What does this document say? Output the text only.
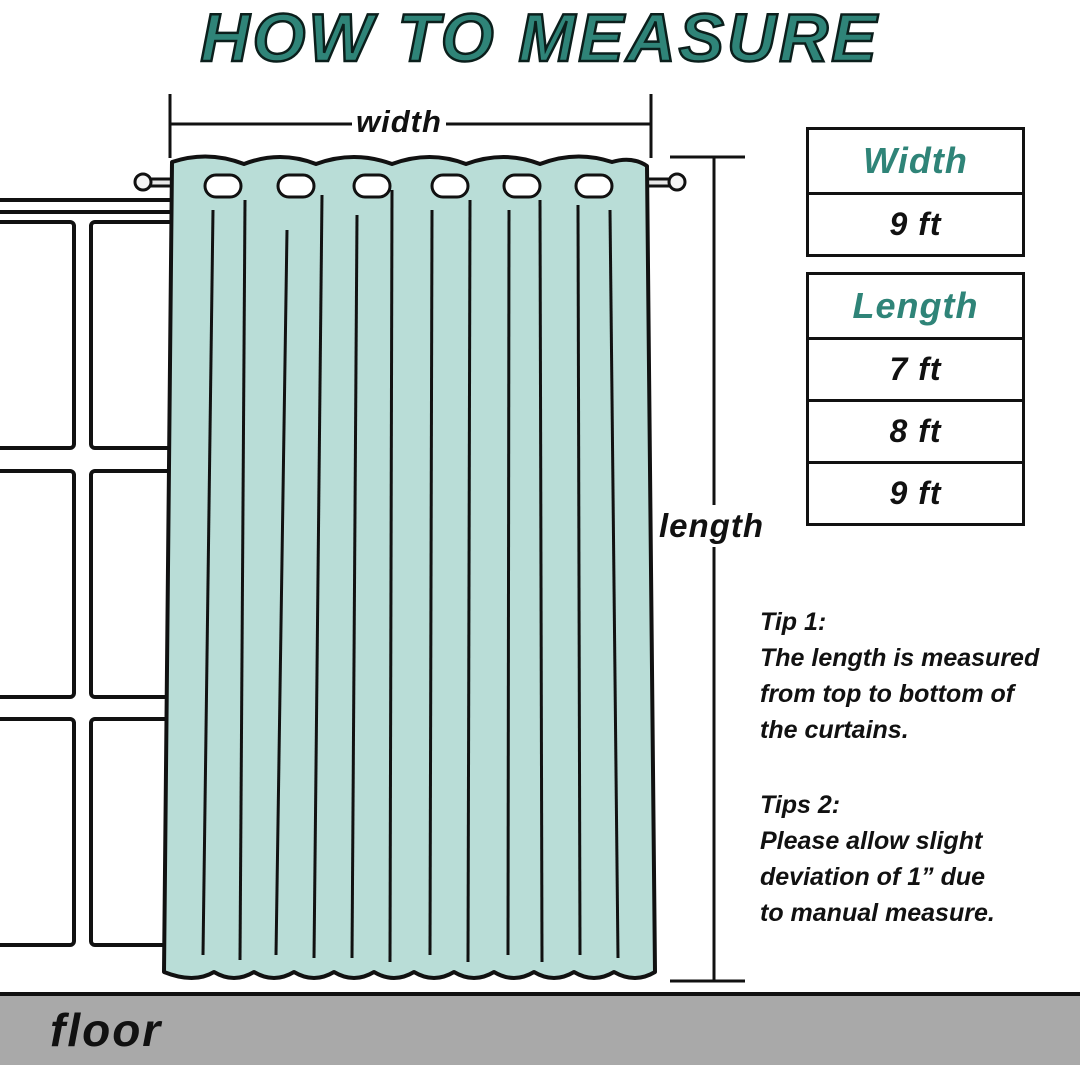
HOW TO MEASURE
width
length
Width
9 ft
Length
7 ft
8 ft
9 ft
Tip 1:
The length is measured
from top to bottom of
the curtains.
Tips 2:
Please allow slight
deviation of 1” due
to manual measure.
floor
